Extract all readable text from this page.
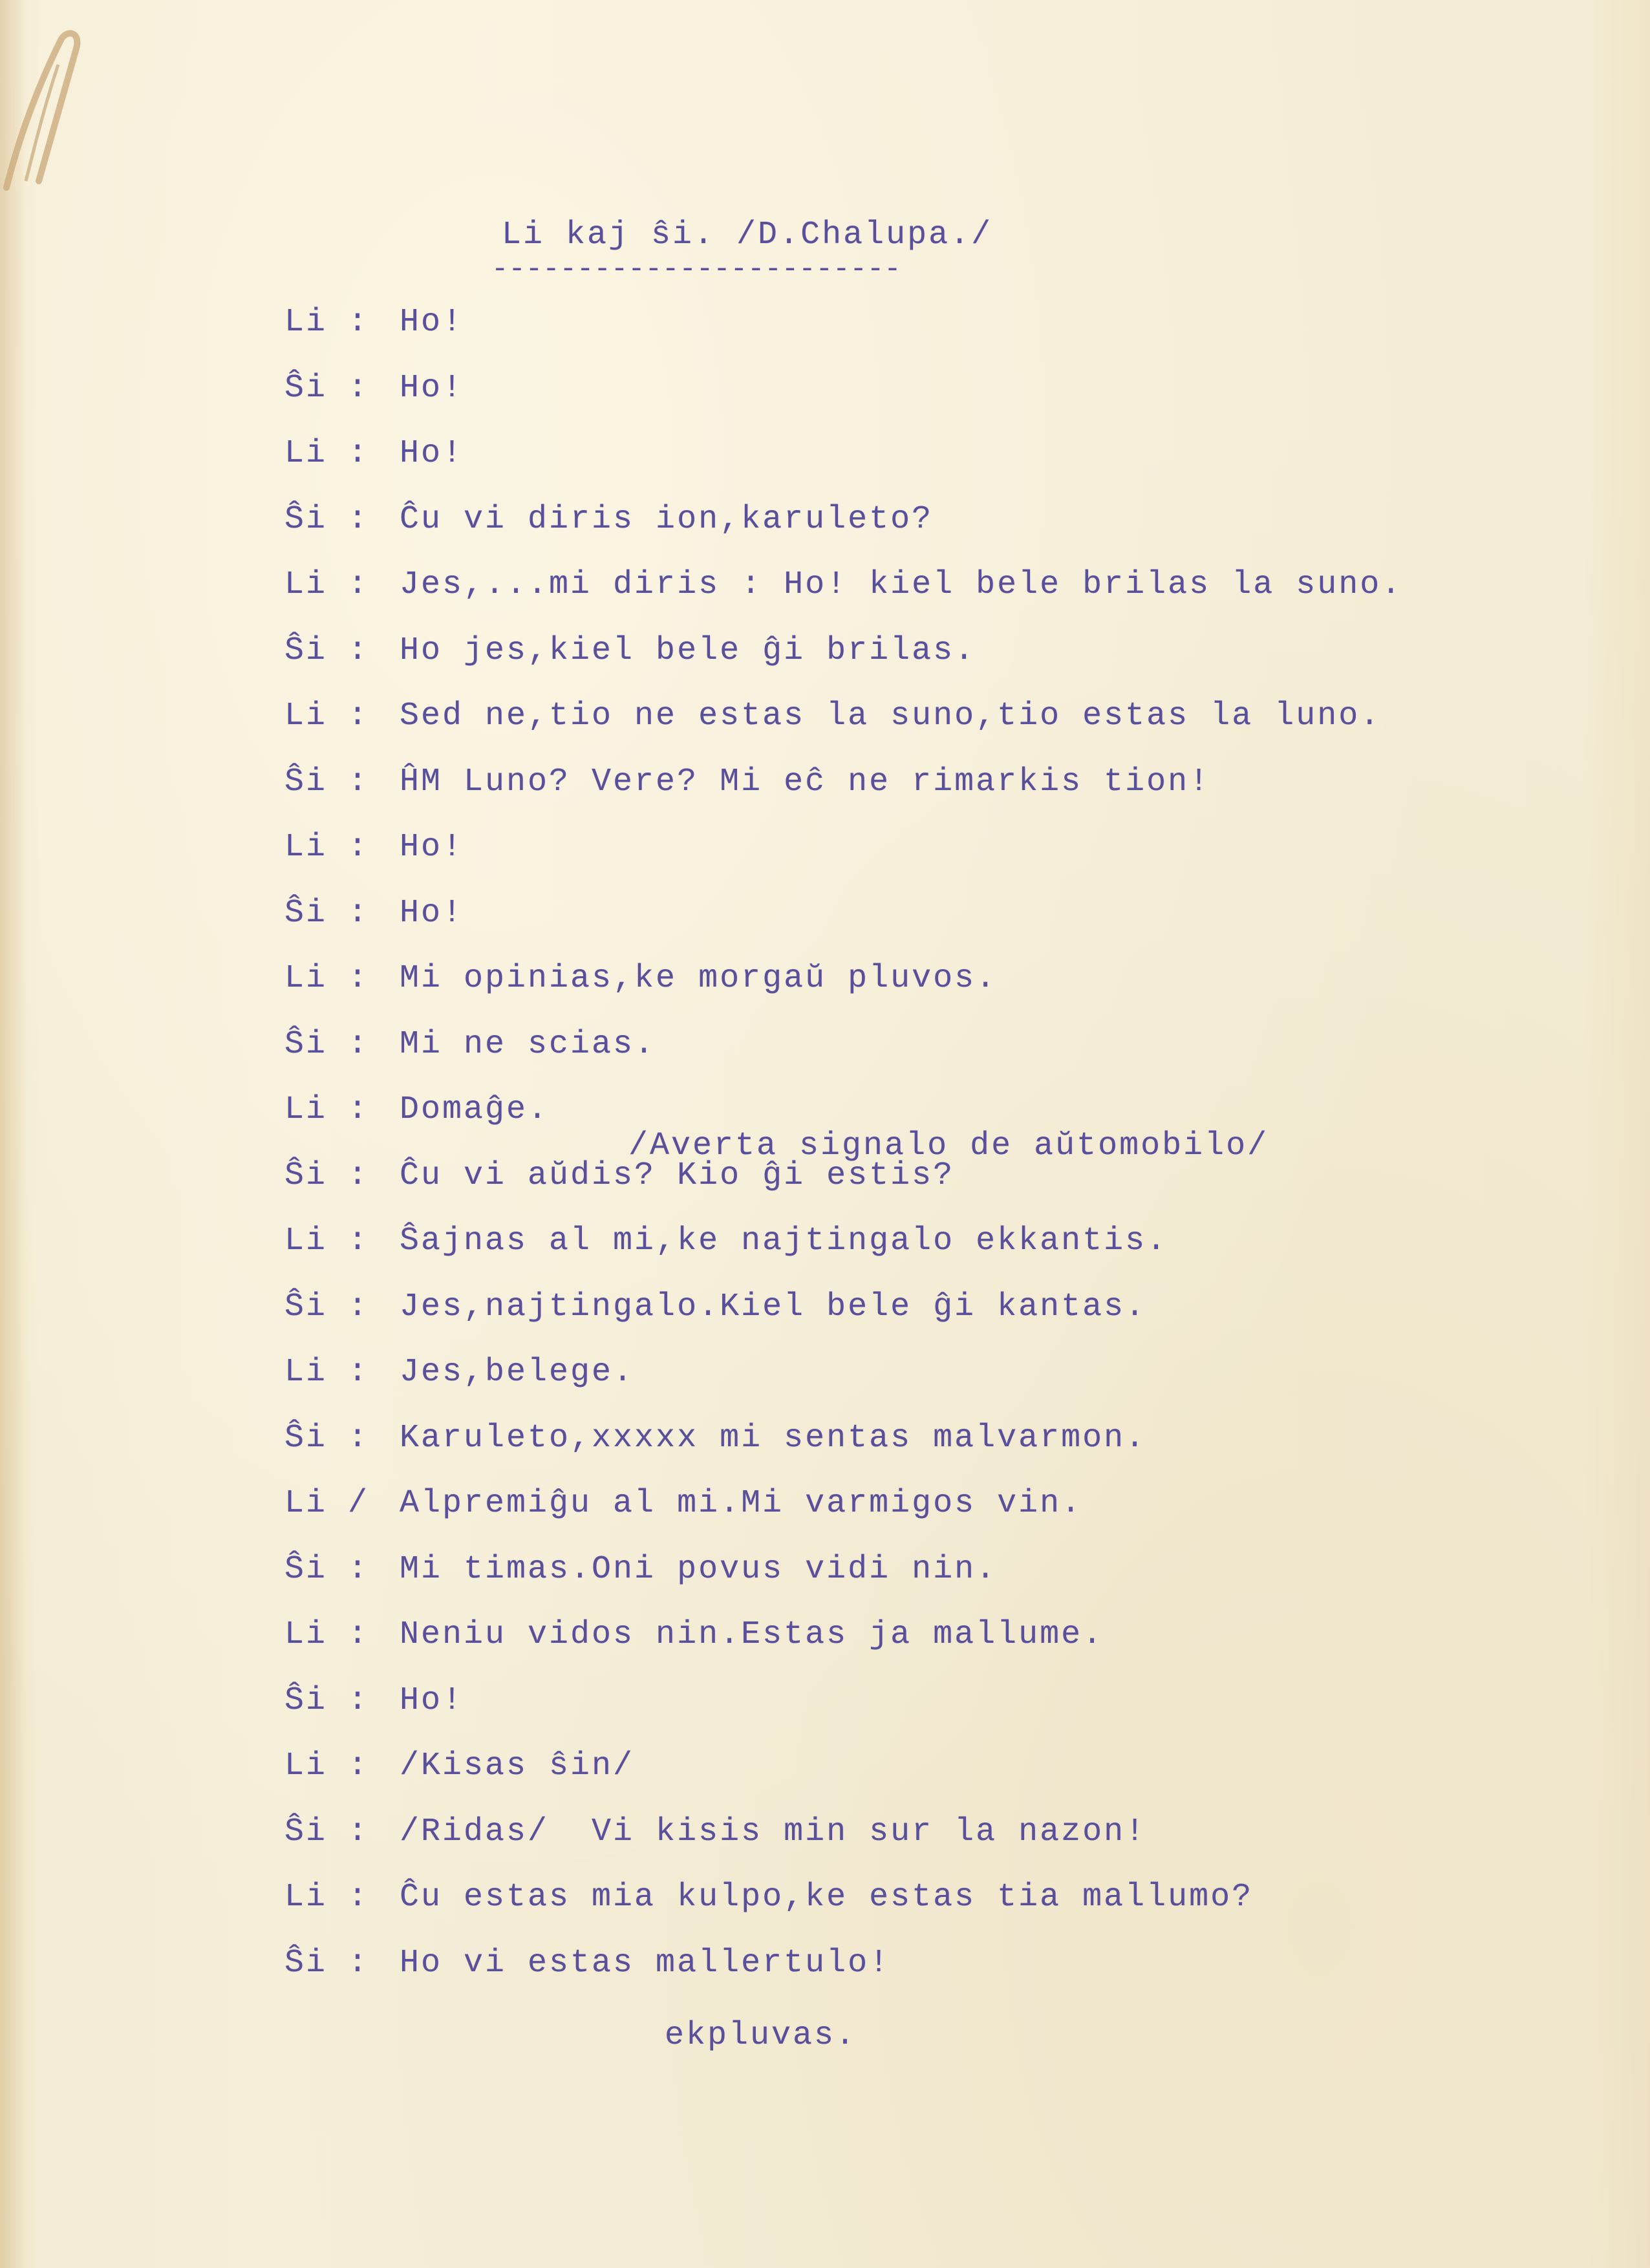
Li kaj ŝi. /D.Chalupa./
------------------------
Li : Ho!
Ŝi : Ho!
Li : Ho!
Ŝi : Ĉu vi diris ion,karuleto?
Li : Jes,...mi diris : Ho! kiel bele brilas la suno.
Ŝi : Ho jes,kiel bele ĝi brilas.
Li : Sed ne,tio ne estas la suno,tio estas la luno.
Ŝi : ĤM Luno? Vere? Mi eĉ ne rimarkis tion!
Li : Ho!
Ŝi : Ho!
Li : Mi opinias,ke morgaŭ pluvos.
Ŝi : Mi ne scias.
Li : Domaĝe.
Ŝi : Ĉu vi aŭdis? Kio ĝi estis?
Li : Ŝajnas al mi,ke najtingalo ekkantis.
Ŝi : Jes,najtingalo.Kiel bele ĝi kantas.
Li : Jes,belege.
Ŝi : Karuleto,xxxxx mi sentas malvarmon.
Li / Alpremiĝu al mi.Mi varmigos vin.
Ŝi : Mi timas.Oni povus vidi nin.
Li : Neniu vidos nin.Estas ja mallume.
Ŝi : Ho!
Li : /Kisas ŝin/
Ŝi : /Ridas/  Vi kisis min sur la nazon!
Li : Ĉu estas mia kulpo,ke estas tia mallumo?
Ŝi : Ho vi estas mallertulo!
/Averta signalo de aŭtomobilo/
ekpluvas.
